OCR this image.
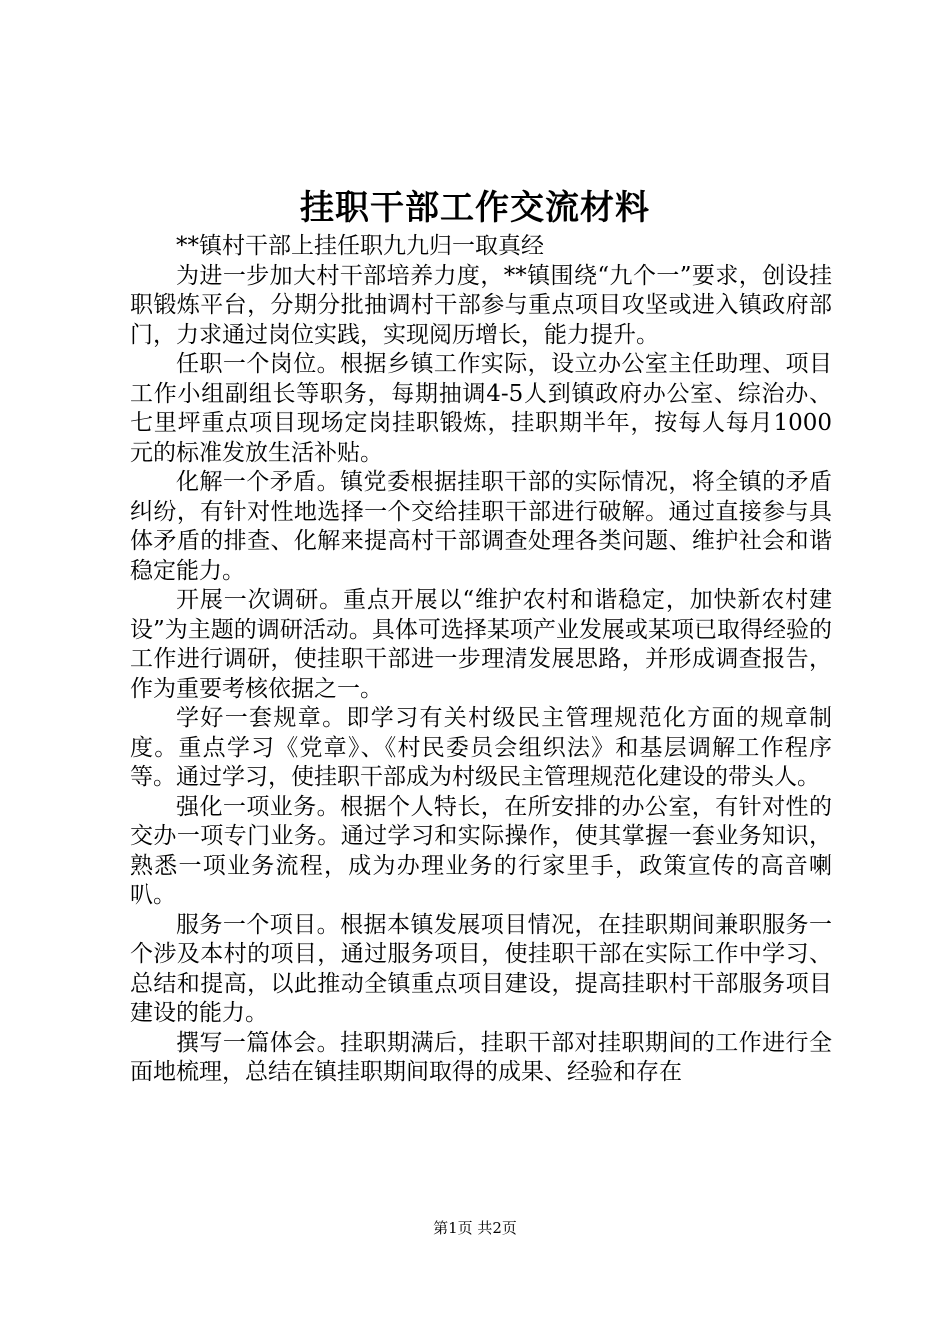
挂职干部工作交流材料

**镇村干部上挂任职九九归一取真经

为进一步加大村干部培养力度，**镇围绕“九个一”要求，创设挂职锻炼平台，分期分批抽调村干部参与重点项目攻坚或进入镇政府部门，力求通过岗位实践，实现阅历增长，能力提升。

任职一个岗位。根据乡镇工作实际，设立办公室主任助理、项目工作小组副组长等职务，每期抽调4-5人到镇政府办公室、综治办、七里坪重点项目现场定岗挂职锻炼，挂职期半年，按每人每月1000元的标准发放生活补贴。

化解一个矛盾。镇党委根据挂职干部的实际情况，将全镇的矛盾纠纷，有针对性地选择一个交给挂职干部进行破解。通过直接参与具体矛盾的排查、化解来提高村干部调查处理各类问题、维护社会和谐稳定能力。

开展一次调研。重点开展以“维护农村和谐稳定，加快新农村建设”为主题的调研活动。具体可选择某项产业发展或某项已取得经验的工作进行调研，使挂职干部进一步理清发展思路，并形成调查报告，作为重要考核依据之一。

学好一套规章。即学习有关村级民主管理规范化方面的规章制度。重点学习《党章》、《村民委员会组织法》和基层调解工作程序等。通过学习，使挂职干部成为村级民主管理规范化建设的带头人。

强化一项业务。根据个人特长，在所安排的办公室，有针对性的交办一项专门业务。通过学习和实际操作，使其掌握一套业务知识，熟悉一项业务流程，成为办理业务的行家里手，政策宣传的高音喇叭。

服务一个项目。根据本镇发展项目情况，在挂职期间兼职服务一个涉及本村的项目，通过服务项目，使挂职干部在实际工作中学习、总结和提高，以此推动全镇重点项目建设，提高挂职村干部服务项目建设的能力。

撰写一篇体会。挂职期满后，挂职干部对挂职期间的工作进行全面地梳理，总结在镇挂职期间取得的成果、经验和存在

第1页 共2页
